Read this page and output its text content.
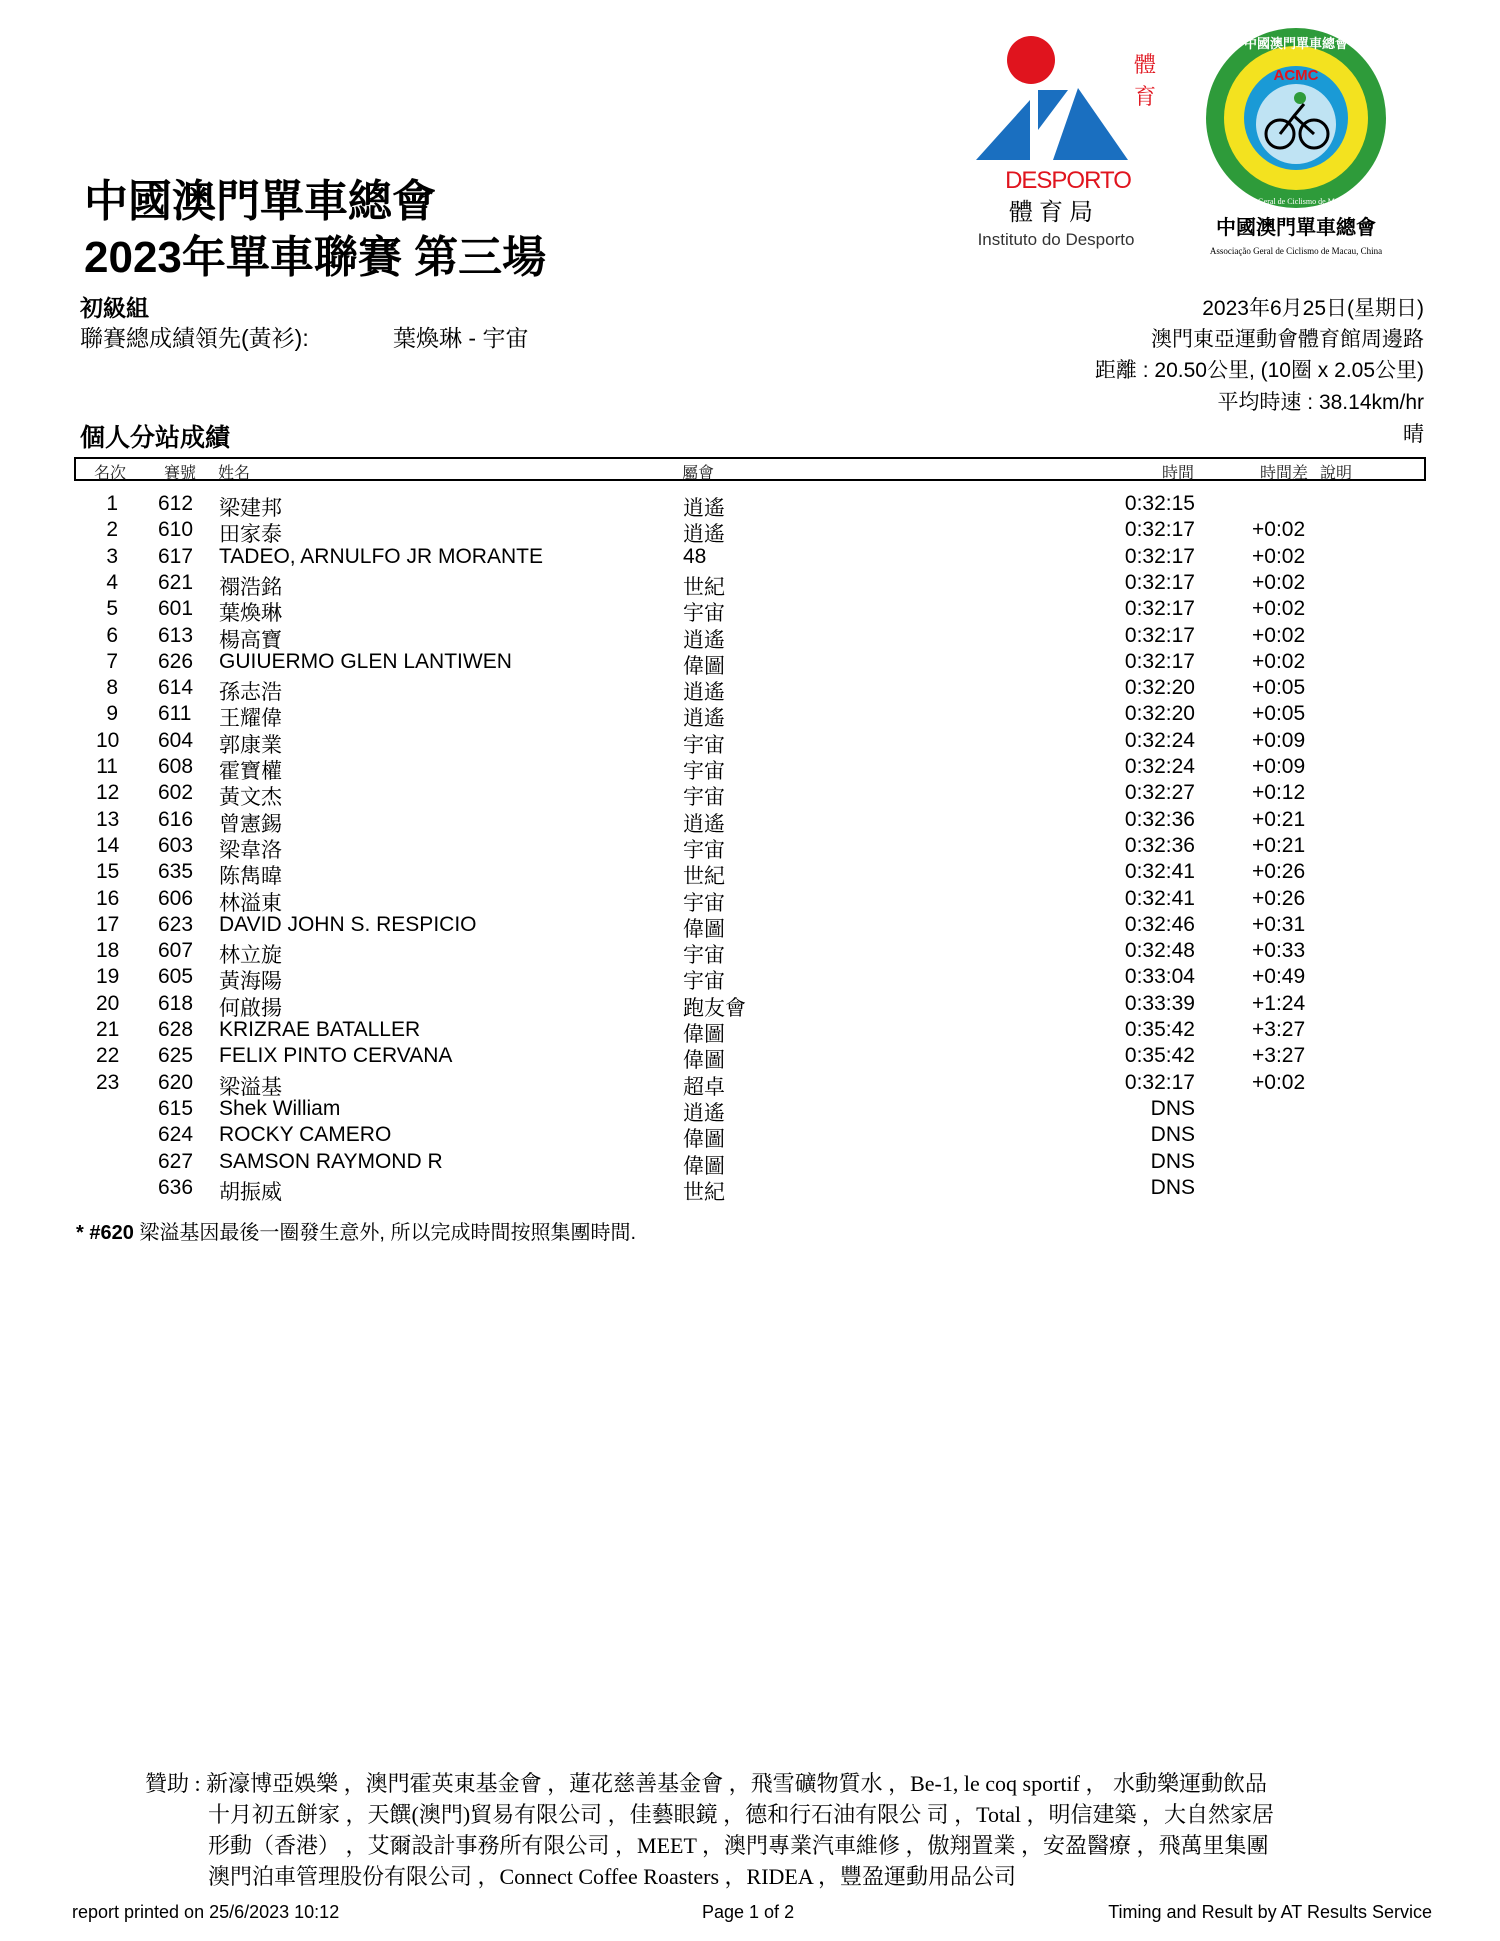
體
育
DESPORTO
體育局
Instituto do Desporto
中國澳門單車總會
Associação Geral de Ciclismo de Macau, China
ACMC
中國澳門單車總會
Associação Geral de Ciclismo de Macau, China
中國澳門單車總會
2023年單車聯賽 第三場
初級組
聯賽總成績領先(黃衫):	葉煥琳 - 宇宙
2023年6月25日(星期日)
澳門東亞運動會體育館周邊路
距離 : 20.50公里, (10圈 x 2.05公里)
平均時速 : 38.14km/hr
晴
個人分站成績
名次 賽號 姓名	屬會	時間	時間差 說明
1 612 梁建邦	逍遙	0:32:15
2 610 田家泰	逍遙	0:32:17	+0:02
3 617 TADEO, ARNULFO JR MORANTE	48	0:32:17	+0:02
4 621 禤浩銘	世紀	0:32:17	+0:02
5 601 葉煥琳	宇宙	0:32:17	+0:02
6 613 楊高寶	逍遙	0:32:17	+0:02
7 626 GUIUERMO GLEN LANTIWEN	偉圖	0:32:17	+0:02
8 614 孫志浩	逍遙	0:32:20	+0:05
9 611 王耀偉	逍遙	0:32:20	+0:05
10 604 郭康業	宇宙	0:32:24	+0:09
11 608 霍寶權	宇宙	0:32:24	+0:09
12 602 黃文杰	宇宙	0:32:27	+0:12
13 616 曾憲錫	逍遙	0:32:36	+0:21
14 603 梁韋洛	宇宙	0:32:36	+0:21
15 635 陈雋暐	世紀	0:32:41	+0:26
16 606 林溢東	宇宙	0:32:41	+0:26
17 623 DAVID JOHN S. RESPICIO	偉圖	0:32:46	+0:31
18 607 林立旋	宇宙	0:32:48	+0:33
19 605 黃海陽	宇宙	0:33:04	+0:49
20 618 何啟揚	跑友會	0:33:39	+1:24
21 628 KRIZRAE BATALLER	偉圖	0:35:42	+3:27
22 625 FELIX PINTO CERVANA	偉圖	0:35:42	+3:27
23 620 梁溢基	超卓	0:32:17	+0:02
615 Shek William	逍遙	DNS
624 ROCKY CAMERO	偉圖	DNS
627 SAMSON RAYMOND R	偉圖	DNS
636 胡振威	世紀	DNS
* #620 梁溢基因最後一圈發生意外, 所以完成時間按照集團時間.
贊助 : 新濠博亞娛樂 ，澳門霍英東基金會 ，蓮花慈善基金會 ，飛雪礦物質水 ，Be-1, le coq sportif ， 水動樂運動飲品
十月初五餅家 ，天饌(澳門)貿易有限公司 ，佳藝眼鏡 ，德和行石油有限公 司 ，Total ，明信建築 ，大自然家居
形動（香港） ，艾爾設計事務所有限公司 ，MEET ，澳門專業汽車維修 ，傲翔置業 ，安盈醫療 ，飛萬里集團
澳門泊車管理股份有限公司 ，Connect Coffee Roasters ，RIDEA ，豐盈運動用品公司
report printed on 25/6/2023 10:12	Page 1 of 2	Timing and Result by AT Results Service
